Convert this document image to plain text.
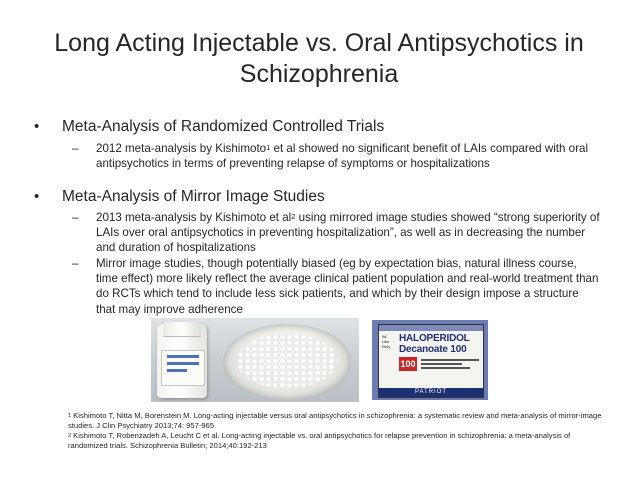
Long Acting Injectable vs. Oral Antipsychotics in Schizophrenia
• Meta-Analysis of Randomized Controlled Trials
– 2012 meta-analysis by Kishimoto$^1$ et al showed no significant benefit of LAIs compared with oral antipsychotics in terms of preventing relapse of symptoms or hospitalizations
• Meta-Analysis of Mirror Image Studies
– 2013 meta-analysis by Kishimoto et $al^2$ using mirrored image studies showed “strong superiority of LAIs over oral antipsychotics in preventing hospitalization”, as well as in decreasing the number and duration of hospitalizations
– Mirror image studies, though potentially biased (eg by expectation bias, natural illness course, time effect) more likely reflect the average clinical patient population and real-world treatment than do RCTs which tend to include less sick patients, and which by their design impose a structure that may improve adherence
IM
Use
Only
HALOPERIDOL
Decanoate 100
100
PATRIOT
$^1$ Kishimoto T, Nitta M, Borenstein M. Long-acting injectable versus oral antipsychotics in schizophrenia: a systematic review and meta-analysis of mirror-image studies. J Clin Psychiatry 2013;74: 957-965
$^2$ Kishimoto T, Robenzadeh A, Leucht C et al. Long-acting injectable vs. oral antipsychotics for relapse prevention in schizophrenia: a meta-analysis of randomized trials. Schizophrenia Bulletin; 2014;40:192-213
